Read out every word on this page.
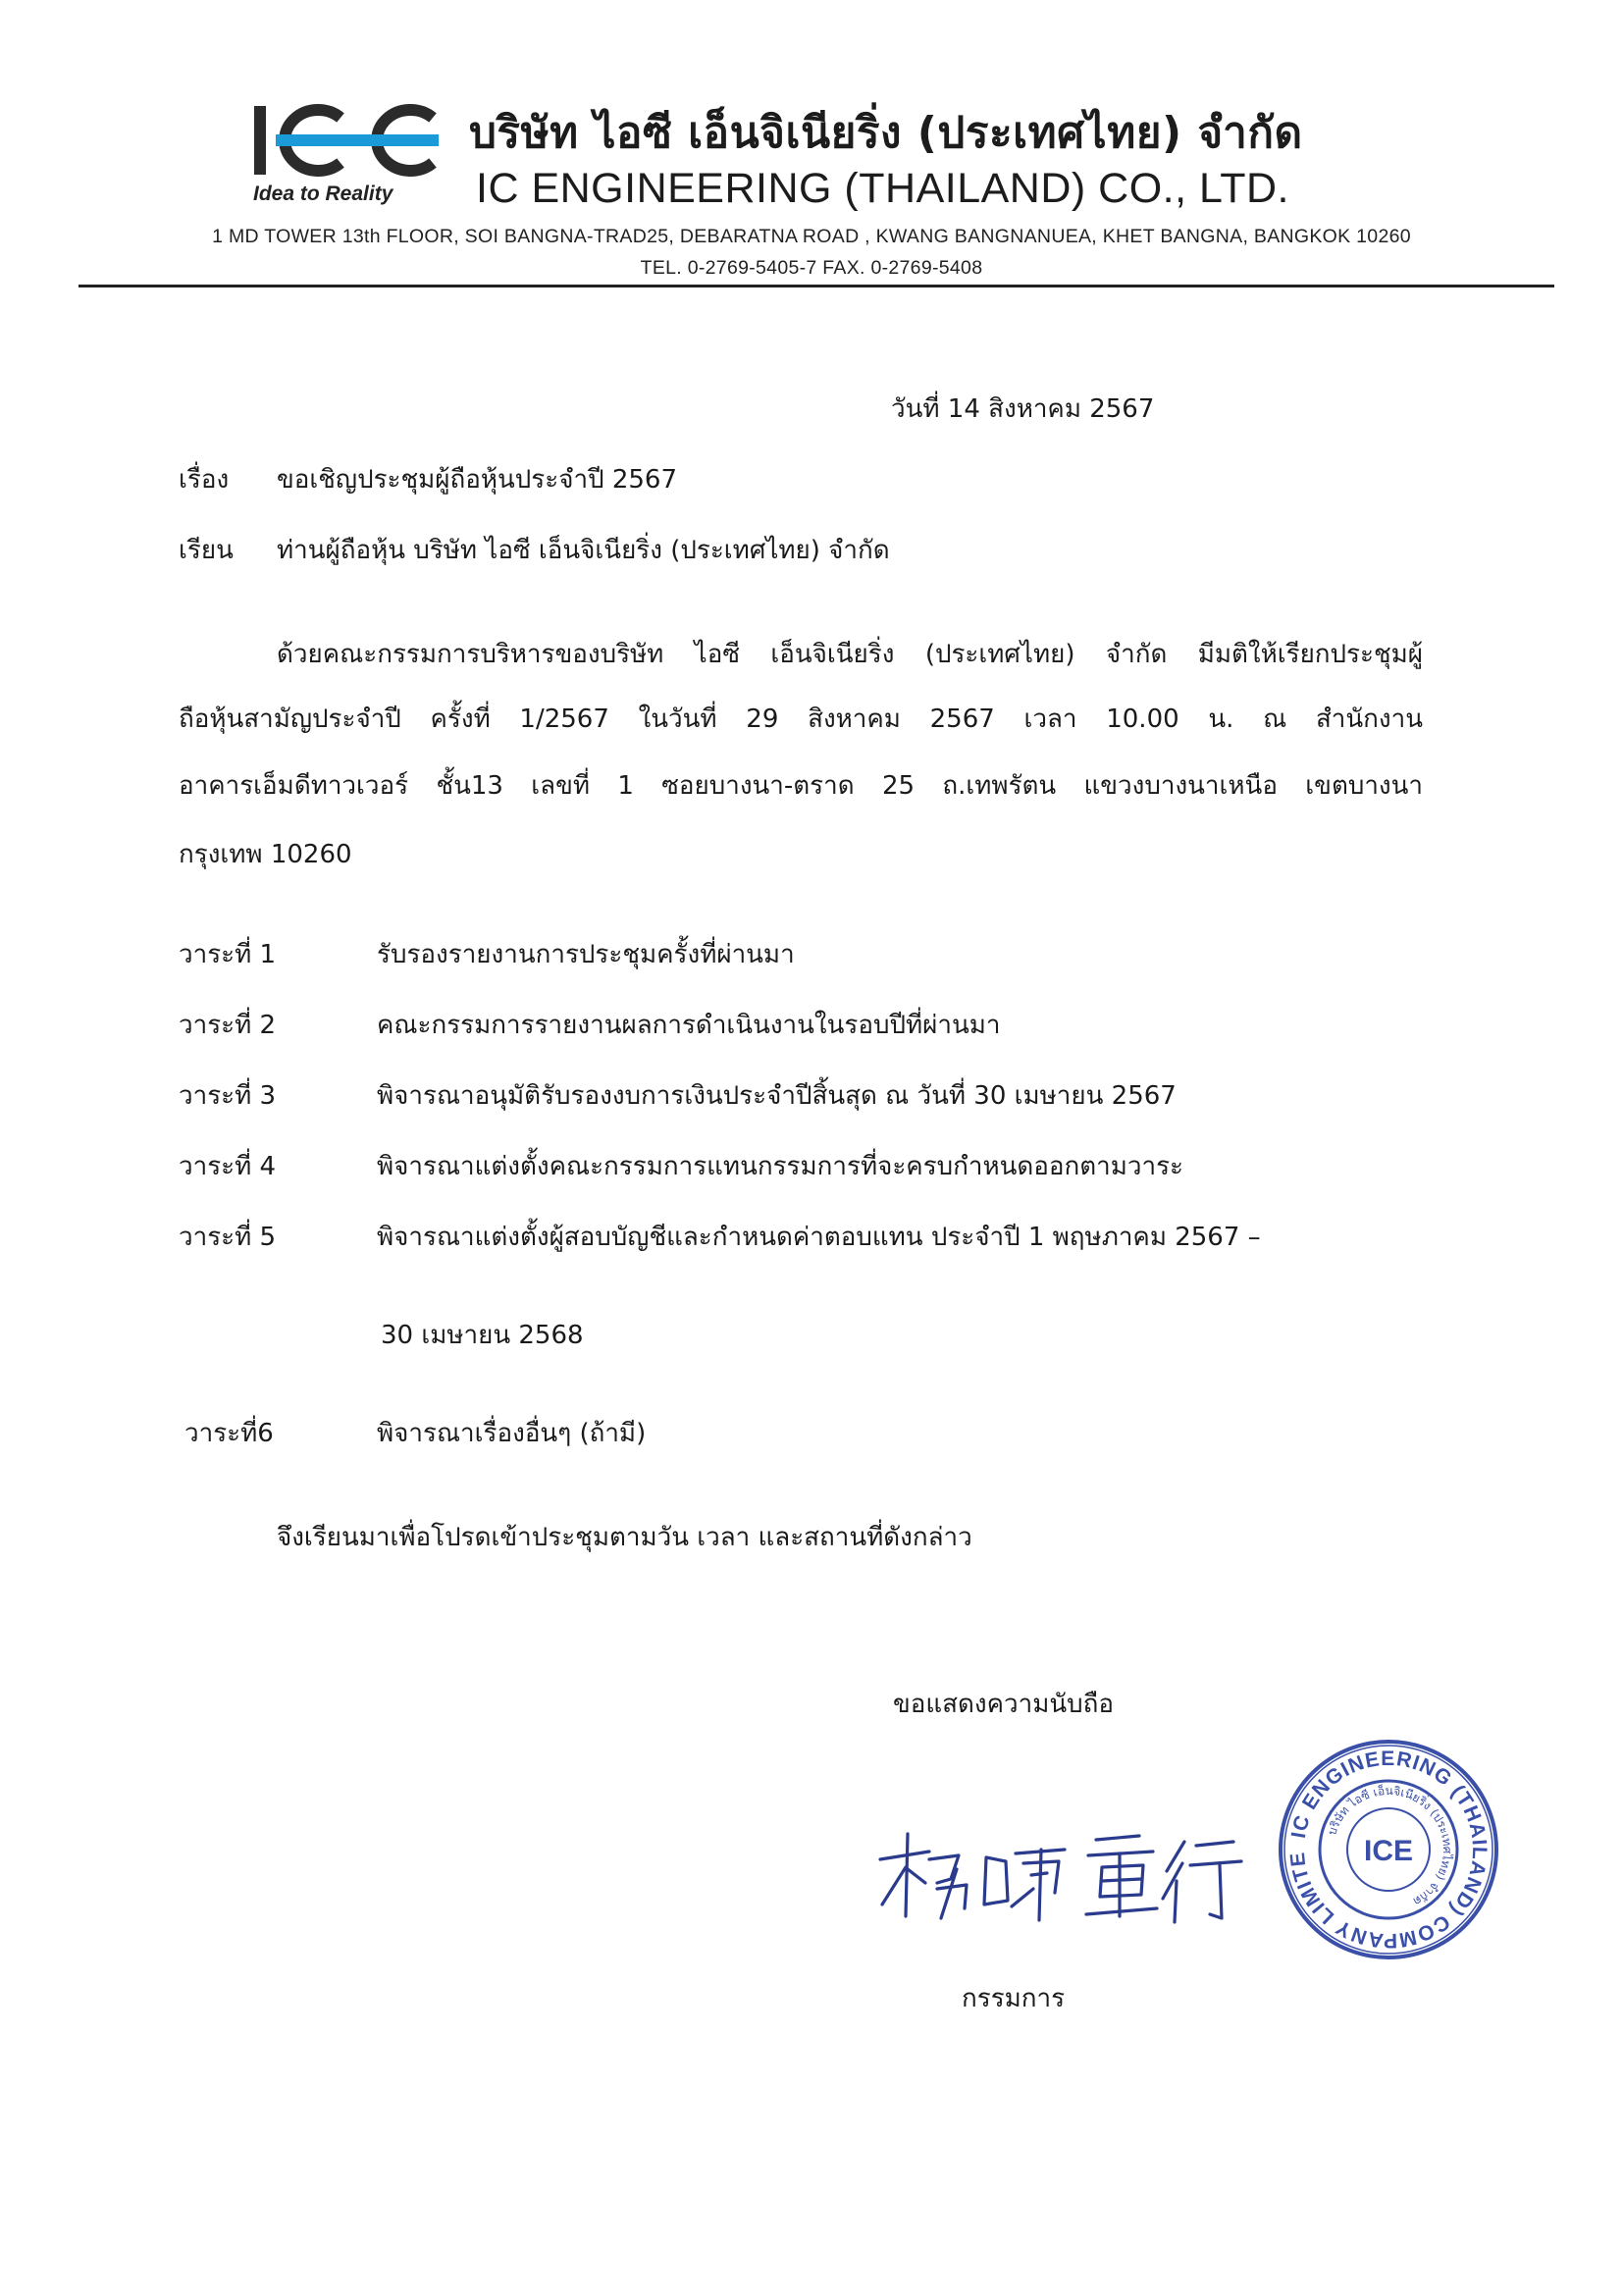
Idea to Reality
บริษัท ไอซี เอ็นจิเนียริ่ง (ประเทศไทย) จำกัด
IC ENGINEERING (THAILAND) CO., LTD.
1 MD TOWER 13th FLOOR, SOI BANGNA-TRAD25, DEBARATNA ROAD , KWANG BANGNANUEA, KHET BANGNA, BANGKOK 10260
TEL. 0-2769-5405-7 FAX. 0-2769-5408
วันที่ 14 สิงหาคม 2567
เรื่อง ขอเชิญประชุมผู้ถือหุ้นประจำปี 2567
เรียน ท่านผู้ถือหุ้น บริษัท ไอซี เอ็นจิเนียริ่ง (ประเทศไทย) จำกัด
ด้วยคณะกรรมการบริหารของบริษัท ไอซี เอ็นจิเนียริ่ง (ประเทศไทย) จำกัด มีมติให้เรียกประชุมผู้
ถือหุ้นสามัญประจำปี ครั้งที่ 1/2567 ในวันที่ 29 สิงหาคม 2567 เวลา 10.00 น. ณ สำนักงาน
อาคารเอ็มดีทาวเวอร์ ชั้น13 เลขที่ 1 ซอยบางนา-ตราด 25 ถ.เทพรัตน แขวงบางนาเหนือ เขตบางนา
กรุงเทพ 10260
วาระที่ 1	รับรองรายงานการประชุมครั้งที่ผ่านมา
วาระที่ 2	คณะกรรมการรายงานผลการดำเนินงานในรอบปีที่ผ่านมา
วาระที่ 3	พิจารณาอนุมัติรับรองงบการเงินประจำปีสิ้นสุด ณ วันที่ 30 เมษายน 2567
วาระที่ 4	พิจารณาแต่งตั้งคณะกรรมการแทนกรรมการที่จะครบกำหนดออกตามวาระ
วาระที่ 5	พิจารณาแต่งตั้งผู้สอบบัญชีและกำหนดค่าตอบแทน ประจำปี 1 พฤษภาคม 2567 –
30 เมษายน 2568
วาระที่6	พิจารณาเรื่องอื่นๆ (ถ้ามี)
จึงเรียนมาเพื่อโปรดเข้าประชุมตามวัน เวลา และสถานที่ดังกล่าว
ขอแสดงความนับถือ
IC ENGINEERING (THAILAND) COMPANY LIMITE
บริษัท ไอซี เอ็นจิเนียริ่ง (ประเทศไทย) จำกัด
ICE
กรรมการ
